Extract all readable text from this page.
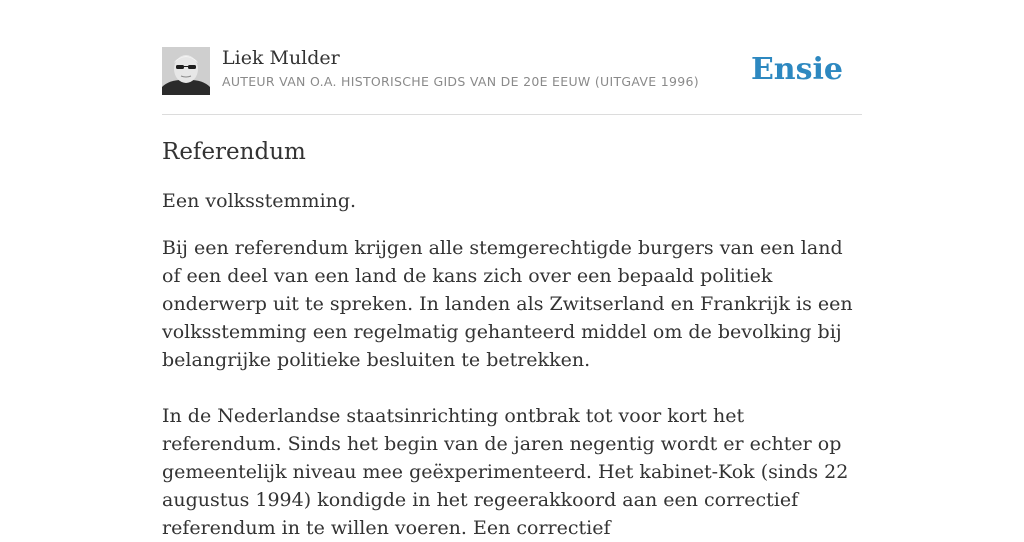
Liek Mulder
AUTEUR VAN O.A. HISTORISCHE GIDS VAN DE 20E EEUW (UITGAVE 1996) Ensie
Referendum

Een volksstemming.

Bij een referendum krijgen alle stemgerechtigde burgers van een land of een deel van een land de kans zich over een bepaald politiek onderwerp uit te spreken. In landen als Zwitserland en Frankrijk is een volksstemming een regelmatig gehanteerd middel om de bevolking bij belangrijke politieke besluiten te betrekken.

In de Nederlandse staatsinrichting ontbrak tot voor kort het referendum. Sinds het begin van de jaren negentig wordt er echter op gemeentelijk niveau mee geëxperimenteerd. Het kabinet-Kok (sinds 22 augustus 1994) kondigde in het regeerakkoord aan een correctief referendum in te willen voeren. Een correctief
